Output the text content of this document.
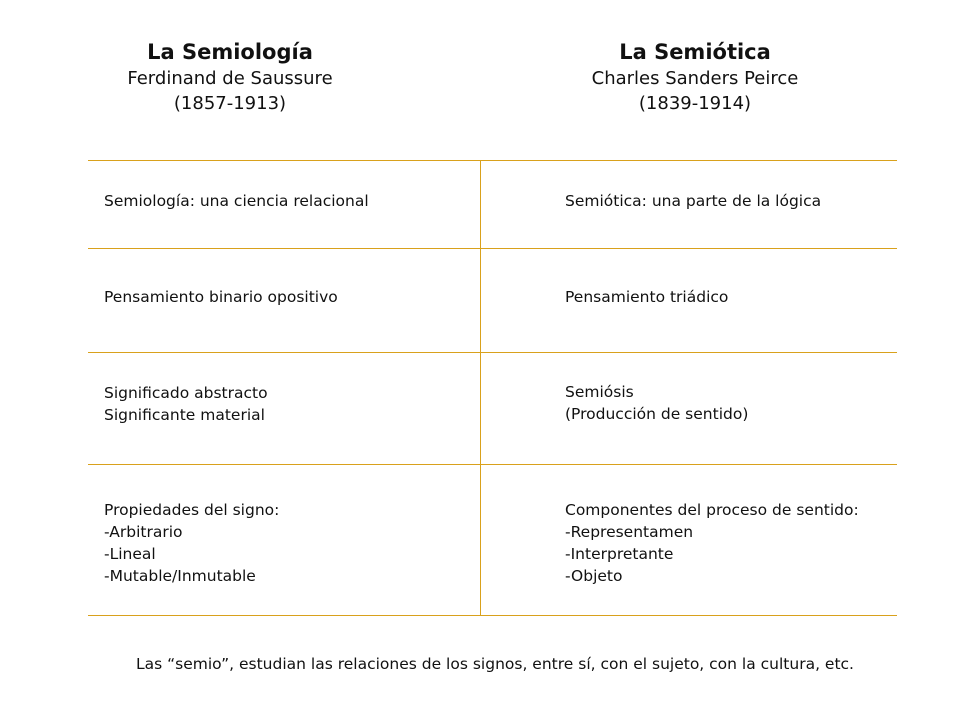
La Semiología
Ferdinand de Saussure
(1857-1913)
La Semiótica
Charles Sanders Peirce
(1839-1914)
Semiología: una ciencia relacional	Semiótica: una parte de la lógica
Pensamiento binario opositivo	Pensamiento triádico
Significado abstracto
Significante material
Semiósis
(Producción de sentido)
Propiedades del signo:
-Arbitrario
-Lineal
-Mutable/Inmutable
Componentes del proceso de sentido:
-Representamen
-Interpretante
-Objeto
Las “semio”, estudian las relaciones de los signos, entre sí, con el sujeto, con la cultura, etc.
